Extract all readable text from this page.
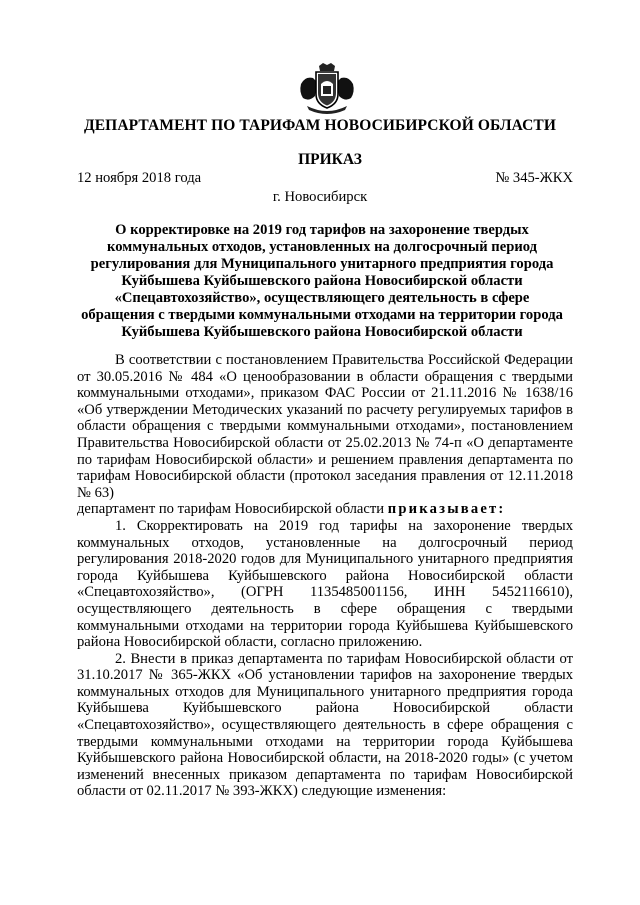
ДЕПАРТАМЕНТ ПО ТАРИФАМ НОВОСИБИРСКОЙ ОБЛАСТИ
ПРИКАЗ
12 ноября 2018 года	№ 345-ЖКХ
г. Новосибирск
О корректировке на 2019 год тарифов на захоронение твердых коммунальных отходов, установленных на долгосрочный период регулирования для Муниципального унитарного предприятия города Куйбышева Куйбышевского района Новосибирской области «Спецавтохозяйство», осуществляющего деятельность в сфере обращения с твердыми коммунальными отходами на территории города Куйбышева Куйбышевского района Новосибирской области

В соответствии с постановлением Правительства Российской Федерации от 30.05.2016 № 484 «О ценообразовании в области обращения с твердыми коммунальными отходами», приказом ФАС России от 21.11.2016 № 1638/16 «Об утверждении Методических указаний по расчету регулируемых тарифов в области обращения с твердыми коммунальными отходами», постановлением Правительства Новосибирской области от 25.02.2013 № 74-п «О департаменте по тарифам Новосибирской области» и решением правления департамента по тарифам Новосибирской области (протокол заседания правления от 12.11.2018 № 63)

департамент по тарифам Новосибирской области приказывает:

1. Скорректировать на 2019 год тарифы на захоронение твердых коммунальных отходов, установленные на долгосрочный период регулирования 2018-2020 годов для Муниципального унитарного предприятия города Куйбышева Куйбышевского района Новосибирской области «Спецавтохозяйство», (ОГРН 1135485001156, ИНН 5452116610), осуществляющего деятельность в сфере обращения с твердыми коммунальными отходами на территории города Куйбышева Куйбышевского района Новосибирской области, согласно приложению.

2. Внести в приказ департамента по тарифам Новосибирской области от 31.10.2017 № 365-ЖКХ «Об установлении тарифов на захоронение твердых коммунальных отходов для Муниципального унитарного предприятия города Куйбышева Куйбышевского района Новосибирской области «Спецавтохозяйство», осуществляющего деятельность в сфере обращения с твердыми коммунальными отходами на территории города Куйбышева Куйбышевского района Новосибирской области, на 2018-2020 годы» (с учетом изменений внесенных приказом департамента по тарифам Новосибирской области от 02.11.2017 № 393-ЖКХ) следующие изменения:
